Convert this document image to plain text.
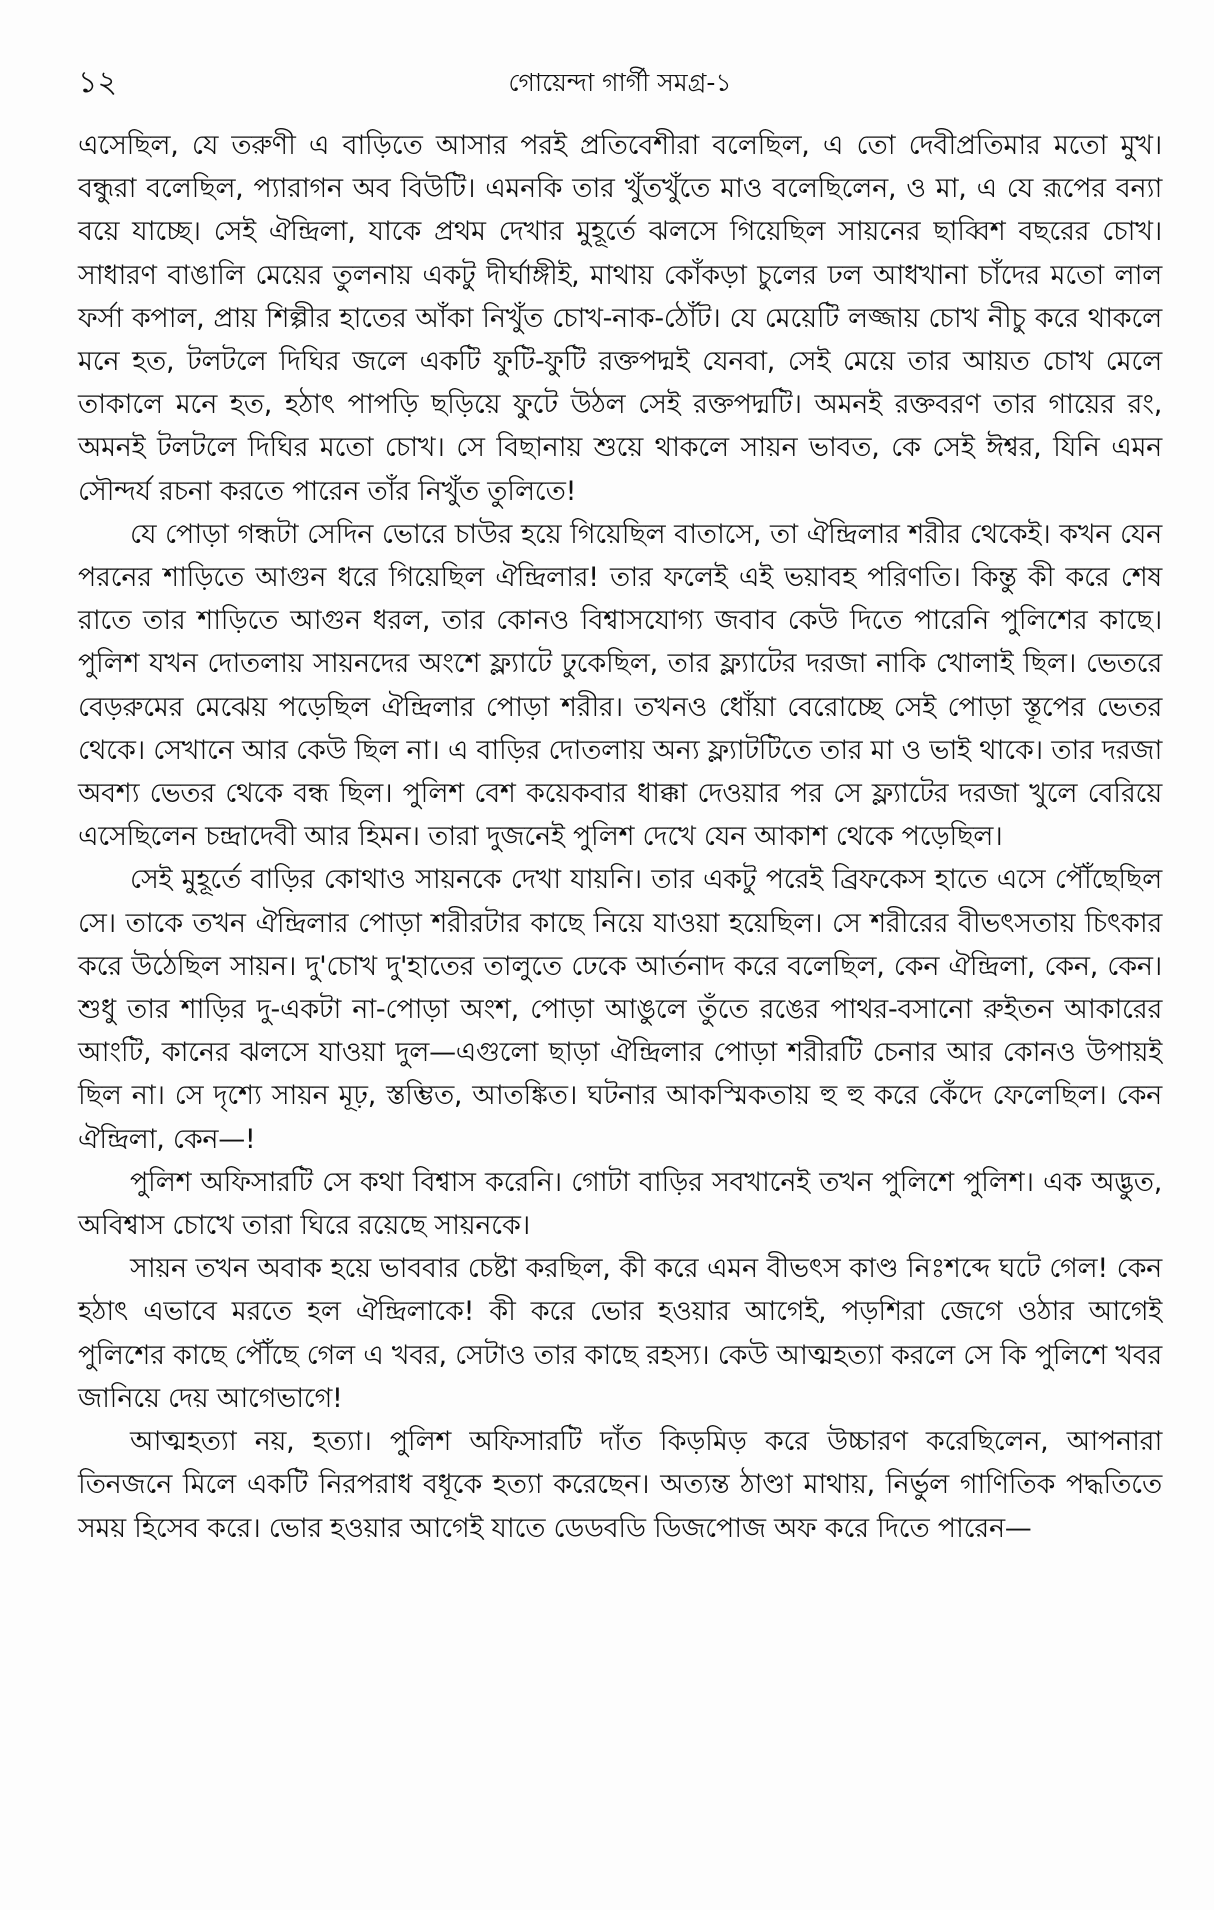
১২	গোয়েন্দা গার্গী সমগ্র-১

এসেছিল, যে তরুণী এ বাড়িতে আসার পরই প্রতিবেশীরা বলেছিল, এ তো দেবীপ্রতিমার মতো মুখ। বন্ধুরা বলেছিল, প্যারাগন অব বিউটি। এমনকি তার খুঁতখুঁতে মাও বলেছিলেন, ও মা, এ যে রূপের বন্যা বয়ে যাচ্ছে। সেই ঐন্দ্রিলা, যাকে প্রথম দেখার মুহূর্তে ঝলসে গিয়েছিল সায়নের ছাব্বিশ বছরের চোখ। সাধারণ বাঙালি মেয়ের তুলনায় একটু দীর্ঘাঙ্গীই, মাথায় কোঁকড়া চুলের ঢল আধখানা চাঁদের মতো লাল ফর্সা কপাল, প্রায় শিল্পীর হাতের আঁকা নিখুঁত চোখ-নাক-ঠোঁট। যে মেয়েটি লজ্জায় চোখ নীচু করে থাকলে মনে হত, টলটলে দিঘির জলে একটি ফুটি-ফুটি রক্তপদ্মই যেনবা, সেই মেয়ে তার আয়ত চোখ মেলে তাকালে মনে হত, হঠাৎ পাপড়ি ছড়িয়ে ফুটে উঠল সেই রক্তপদ্মটি। অমনই রক্তবরণ তার গায়ের রং, অমনই টলটলে দিঘির মতো চোখ। সে বিছানায় শুয়ে থাকলে সায়ন ভাবত, কে সেই ঈশ্বর, যিনি এমন সৌন্দর্য রচনা করতে পারেন তাঁর নিখুঁত তুলিতে!

যে পোড়া গন্ধটা সেদিন ভোরে চাউর হয়ে গিয়েছিল বাতাসে, তা ঐন্দ্রিলার শরীর থেকেই। কখন যেন পরনের শাড়িতে আগুন ধরে গিয়েছিল ঐন্দ্রিলার! তার ফলেই এই ভয়াবহ পরিণতি। কিন্তু কী করে শেষ রাতে তার শাড়িতে আগুন ধরল, তার কোনও বিশ্বাসযোগ্য জবাব কেউ দিতে পারেনি পুলিশের কাছে। পুলিশ যখন দোতলায় সায়নদের অংশে ফ্ল্যাটে ঢুকেছিল, তার ফ্ল্যাটের দরজা নাকি খোলাই ছিল। ভেতরে বেড়রুমের মেঝেয় পড়েছিল ঐন্দ্রিলার পোড়া শরীর। তখনও ধোঁয়া বেরোচ্ছে সেই পোড়া স্তূপের ভেতর থেকে। সেখানে আর কেউ ছিল না। এ বাড়ির দোতলায় অন্য ফ্ল্যাটটিতে তার মা ও ভাই থাকে। তার দরজা অবশ্য ভেতর থেকে বন্ধ ছিল। পুলিশ বেশ কয়েকবার ধাক্কা দেওয়ার পর সে ফ্ল্যাটের দরজা খুলে বেরিয়ে এসেছিলেন চন্দ্রাদেবী আর হিমন। তারা দুজনেই পুলিশ দেখে যেন আকাশ থেকে পড়েছিল।

সেই মুহূর্তে বাড়ির কোথাও সায়নকে দেখা যায়নি। তার একটু পরেই ব্রিফকেস হাতে এসে পৌঁছেছিল সে। তাকে তখন ঐন্দ্রিলার পোড়া শরীরটার কাছে নিয়ে যাওয়া হয়েছিল। সে শরীরের বীভৎসতায় চিৎকার করে উঠেছিল সায়ন। দু'চোখ দু'হাতের তালুতে ঢেকে আর্তনাদ করে বলেছিল, কেন ঐন্দ্রিলা, কেন, কেন। শুধু তার শাড়ির দু-একটা না-পোড়া অংশ, পোড়া আঙুলে তুঁতে রঙের পাথর-বসানো রুইতন আকারের আংটি, কানের ঝলসে যাওয়া দুল—এগুলো ছাড়া ঐন্দ্রিলার পোড়া শরীরটি চেনার আর কোনও উপায়ই ছিল না। সে দৃশ্যে সায়ন মূঢ়, স্তম্ভিত, আতঙ্কিত। ঘটনার আকস্মিকতায় হু হু করে কেঁদে ফেলেছিল। কেন ঐন্দ্রিলা, কেন—!

পুলিশ অফিসারটি সে কথা বিশ্বাস করেনি। গোটা বাড়ির সবখানেই তখন পুলিশে পুলিশ। এক অদ্ভুত, অবিশ্বাস চোখে তারা ঘিরে রয়েছে সায়নকে।

সায়ন তখন অবাক হয়ে ভাববার চেষ্টা করছিল, কী করে এমন বীভৎস কাণ্ড নিঃশব্দে ঘটে গেল! কেন হঠাৎ এভাবে মরতে হল ঐন্দ্রিলাকে! কী করে ভোর হওয়ার আগেই, পড়শিরা জেগে ওঠার আগেই পুলিশের কাছে পৌঁছে গেল এ খবর, সেটাও তার কাছে রহস্য। কেউ আত্মহত্যা করলে সে কি পুলিশে খবর জানিয়ে দেয় আগেভাগে!

আত্মহত্যা নয়, হত্যা। পুলিশ অফিসারটি দাঁত কিড়মিড় করে উচ্চারণ করেছিলেন, আপনারা তিনজনে মিলে একটি নিরপরাধ বধূকে হত্যা করেছেন। অত্যন্ত ঠাণ্ডা মাথায়, নির্ভুল গাণিতিক পদ্ধতিতে সময় হিসেব করে। ভোর হওয়ার আগেই যাতে ডেডবডি ডিজপোজ অফ করে দিতে পারেন—
